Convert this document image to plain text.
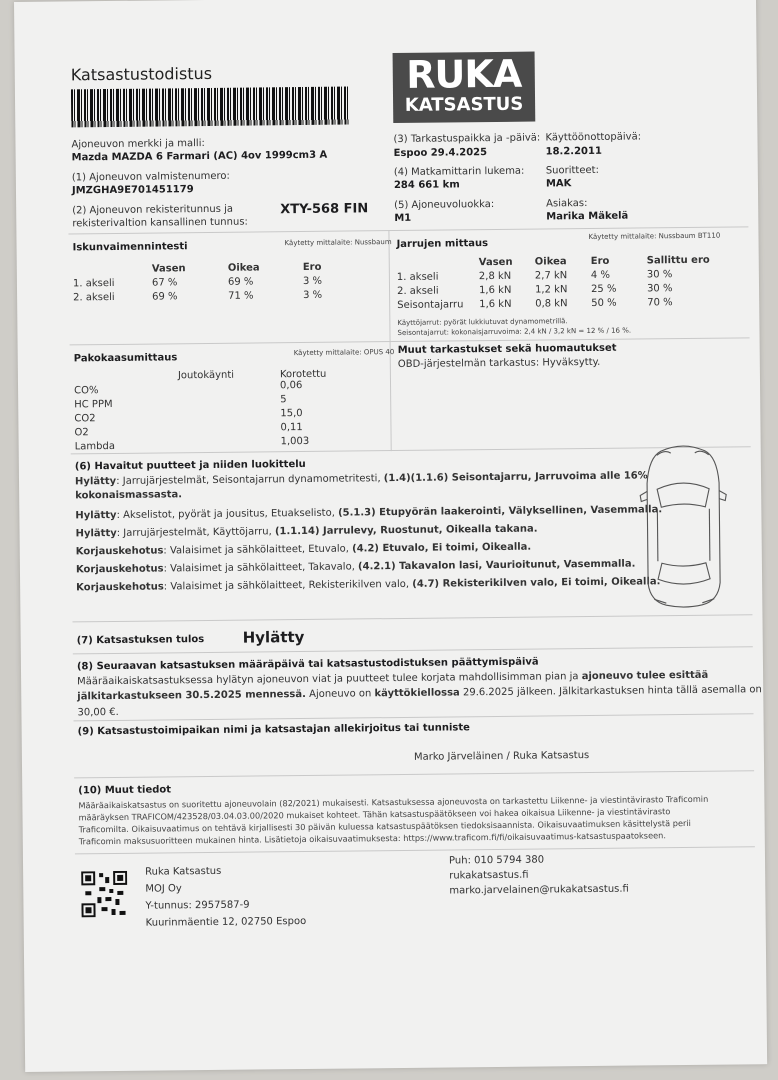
Katsastustodistus	RUKA
KATSASTUS
Ajoneuvon merkki ja malli:
Mazda MAZDA 6 Farmari (AC) 4ov 1999cm3 A
(1) Ajoneuvon valmistenumero:
JMZGHA9E701451179
(2) Ajoneuvon rekisteritunnus ja
rekisterivaltion kansallinen tunnus:
XTY-568 FIN
(3) Tarkastuspaikka ja -päivä:
Espoo 29.4.2025
(4) Matkamittarin lukema:
284 661 km
(5) Ajoneuvoluokka:
M1
Käyttöönottopäivä:
18.2.2011
Suoritteet:
MAK
Asiakas:
Marika Mäkelä
Iskunvaimennintesti	Käytetty mittalaite: Nussbaum
Vasen	Oikea	Ero
1. akseli	67 %	69 %	3 %
2. akseli	69 %	71 %	3 %
Jarrujen mittaus
Käytetty mittalaite: Nussbaum BT110
Vasen Oikea Ero	Sallittu ero
1. akseli	2,8 kN 2,7 kN 4 %	30 %
2. akseli	1,6 kN 1,2 kN 25 %	30 %
Seisontajarru 1,6 kN 0,8 kN 50 %	70 %
Käyttöjarrut: pyörät lukkiutuvat dynamometrillä.
Seisontajarrut: kokonaisjarruvoima: 2,4 kN / 3,2 kN = 12 % / 16 %.
Pakokaasumittaus	Käytetty mittalaite: OPUS 40
Joutokäynti	Korotettu
CO%	0,06
HC PPM	5
CO2	15,0
O2	0,11
Lambda	1,003
Muut tarkastukset sekä huomautukset
OBD-järjestelmän tarkastus: Hyväksytty.
(6) Havaitut puutteet ja niiden luokittelu
Hylätty: Jarrujärjestelmät, Seisontajarrun dynamometritesti, (1.4)(1.1.6) Seisontajarru, Jarruvoima alle 16%
kokonaismassasta.
Hylätty: Akselistot, pyörät ja jousitus, Etuakselisto, (5.1.3) Etupyörän laakerointi, Välyksellinen, Vasemmalla.
Hylätty: Jarrujärjestelmät, Käyttöjarru, (1.1.14) Jarrulevy, Ruostunut, Oikealla takana.
Korjauskehotus: Valaisimet ja sähkölaitteet, Etuvalo, (4.2) Etuvalo, Ei toimi, Oikealla.
Korjauskehotus: Valaisimet ja sähkölaitteet, Takavalo, (4.2.1) Takavalon lasi, Vaurioitunut, Vasemmalla.
Korjauskehotus: Valaisimet ja sähkölaitteet, Rekisterikilven valo, (4.7) Rekisterikilven valo, Ei toimi, Oikealla.
(7) Katsastuksen tulos	Hylätty
(8) Seuraavan katsastuksen määräpäivä tai katsastustodistuksen päättymispäivä
Määräaikaiskatsastuksessa hylätyn ajoneuvon viat ja puutteet tulee korjata mahdollisimman pian ja ajoneuvo tulee esittää
jälkitarkastukseen 30.5.2025 mennessä. Ajoneuvo on käyttökiellossa 29.6.2025 jälkeen. Jälkitarkastuksen hinta tällä asemalla on
30,00 €.
(9) Katsastustoimipaikan nimi ja katsastajan allekirjoitus tai tunniste
Marko Järveläinen / Ruka Katsastus
(10) Muut tiedot
Määräaikaiskatsastus on suoritettu ajoneuvolain (82/2021) mukaisesti. Katsastuksessa ajoneuvosta on tarkastettu Liikenne- ja viestintävirasto Traficomin
määräyksen TRAFICOM/423528/03.04.03.00/2020 mukaiset kohteet. Tähän katsastuspäätökseen voi hakea oikaisua Liikenne- ja viestintävirasto
Traficomilta. Oikaisuvaatimus on tehtävä kirjallisesti 30 päivän kuluessa katsastuspäätöksen tiedoksisaannista. Oikaisuvaatimuksen käsittelystä perii
Traficomin maksusuoritteen mukainen hinta. Lisätietoja oikaisuvaatimuksesta: https://www.traficom.fi/fi/oikaisuvaatimus-katsastuspaatokseen.
Ruka Katsastus
MOJ Oy
Y-tunnus: 2957587-9
Kuurinmäentie 12, 02750 Espoo
Puh: 010 5794 380
rukakatsastus.fi
marko.jarvelainen@rukakatsastus.fi
